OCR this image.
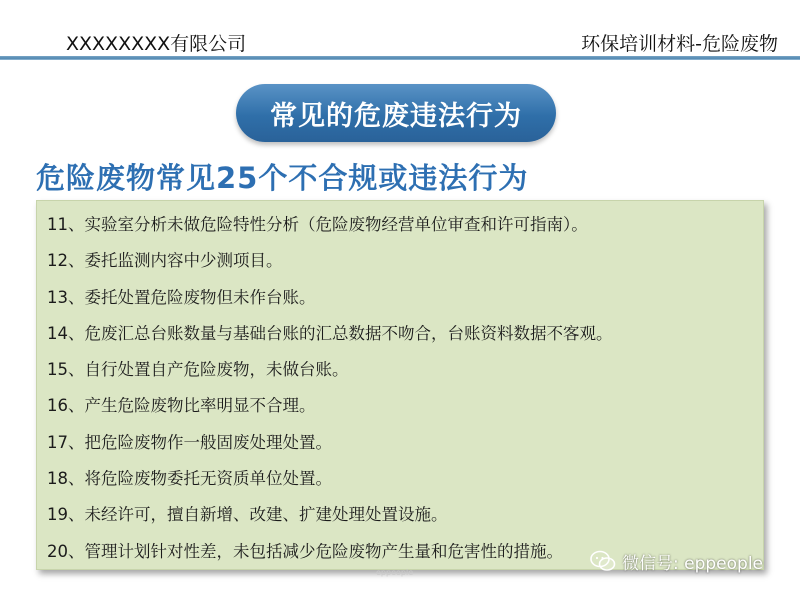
XXXXXXXX有限公司	环保培训材料-危险废物
常见的危废违法行为
危险废物常见25个不合规或违法行为
11、实验室分析未做危险特性分析（危险废物经营单位审查和许可指南）。
12、委托监测内容中少测项目。
13、委托处置危险废物但未作台账。
14、危废汇总台账数量与基础台账的汇总数据不吻合，台账资料数据不客观。
15、自行处置自产危险废物，未做台账。
16、产生危险废物比率明显不合理。
17、把危险废物作一般固废处理处置。
18、将危险废物委托无资质单位处置。
19、未经许可，擅自新增、改建、扩建处理处置设施。
20、管理计划针对性差，未包括减少危险废物产生量和危害性的措施。
eppeople	微信号: eppeople
